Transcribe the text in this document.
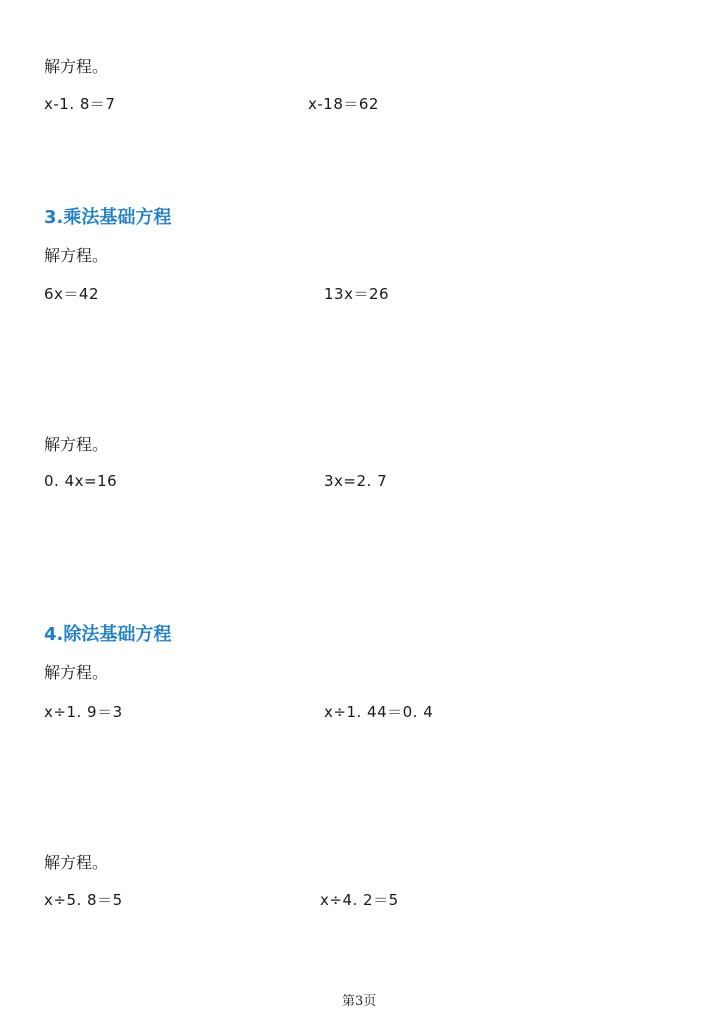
解方程。
x-1. 8＝7	x-18＝62
3.乘法基础方程
解方程。
6x＝42	13x＝26
解方程。
0. 4x=16	3x=2. 7
4.除法基础方程
解方程。
x÷1. 9＝3	x÷1. 44＝0. 4
解方程。
x÷5. 8＝5	x÷4. 2＝5
第3页
